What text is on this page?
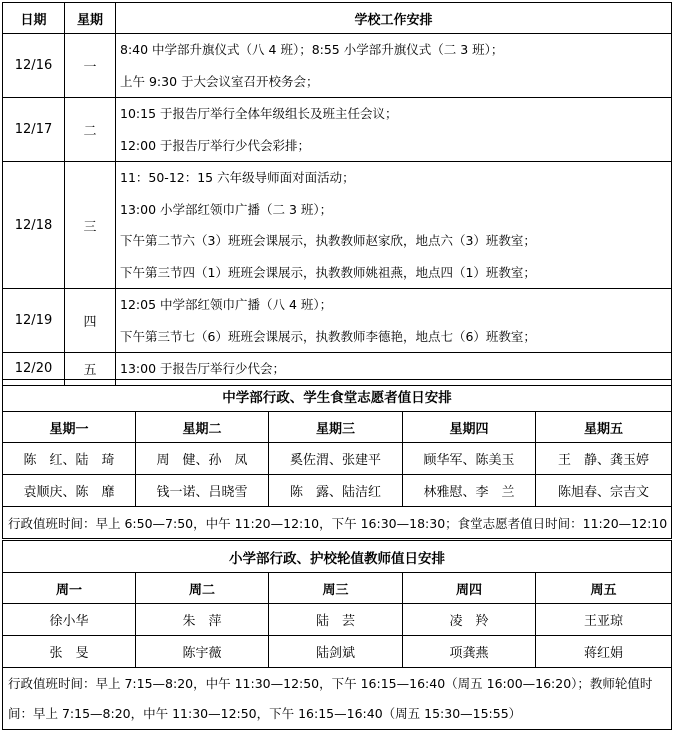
日期	星期	学校工作安排
12/16	一	8:40 中学部升旗仪式（八 4 班）；8:55 小学部升旗仪式（二 3 班）；
上午 9:30 于大会议室召开校务会；

12/17	二	10:15 于报告厅举行全体年级组长及班主任会议；
12:00 于报告厅举行少代会彩排；

12/18	三	11：50-12：15 六年级导师面对面活动；
13:00 小学部红领巾广播（二 3 班）；
下午第二节六（3）班班会课展示，执教教师赵家欣，地点六（3）班教室；
下午第三节四（1）班班会课展示，执教教师姚祖燕，地点四（1）班教室；

12/19	四	12:05 中学部红领巾广播（八 4 班）；
下午第三节七（6）班班会课展示，执教教师李德艳，地点七（6）班教室；

12/20	五	13:00 于报告厅举行少代会；
中学部行政、学生食堂志愿者值日安排				
星期一	星期二	星期三	星期四	星期五
陈　红、陆　琦	周　健、孙　凤	奚佐渭、张建平	顾华军、陈美玉	王　静、龚玉婷
袁顺庆、陈　靡	钱一诺、吕晓雪	陈　露、陆洁红	林雅慰、李　兰	陈旭春、宗吉文
行政值班时间：早上 6:50—7:50，中午 11:20—12:10，下午 16:30—18:30；食堂志愿者值日时间：11:20—12:10				
小学部行政、护校轮值教师值日安排				
周一	周二	周三	周四	周五
徐小华	朱　萍	陆　芸	凌　羚	王亚琼
张　旻	陈宇薇	陆剑斌	项龚燕	蒋红娟

行政值班时间：早上 7:15—8:20，中午 11:30—12:50，下午 16:15—16:40（周五 16:00—16:20）；教师轮值时
间：早上 7:15—8:20，中午 11:30—12:50，下午 16:15—16:40（周五 15:30—15:55）				
